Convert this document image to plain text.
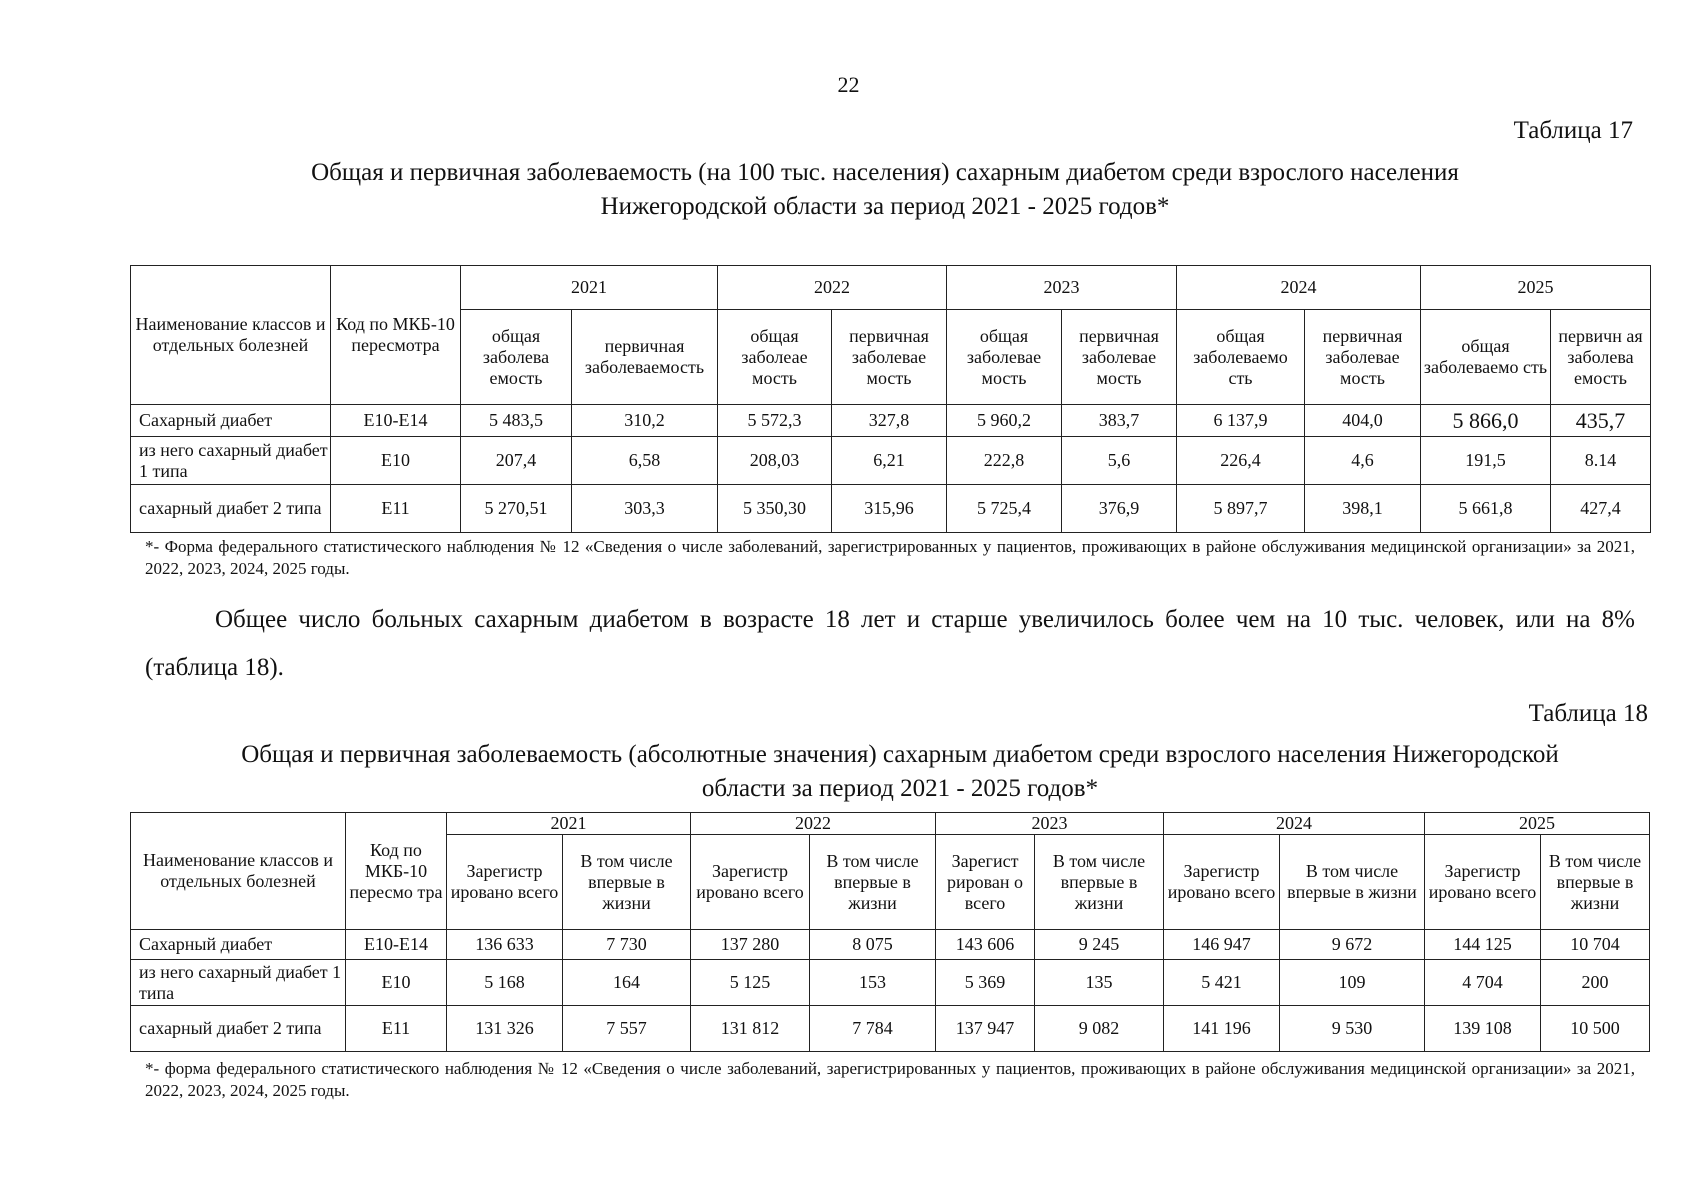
22
Таблица 17
Общая и первичная заболеваемость (на 100 тыс. населения) сахарным диабетом среди взрослого населения
Нижегородской области за период 2021 - 2025 годов*
Наименование классов и отдельных болезней	Код по МКБ-10 пересмотра	2021		2022		2023		2024		2025	
		общая заболева емость	первичная заболеваемость	общая заболеае мость	первичная заболевае мость	общая заболевае мость	первичная заболевае мость	общая заболеваемо сть	первичная заболевае мость	общая заболеваемо сть	первичн ая заболева емость
Сахарный диабет	E10-E14	5 483,5	310,2	5 572,3	327,8	5 960,2	383,7	6 137,9	404,0	5 866,0	435,7
из него сахарный диабет 1 типа	E10	207,4	6,58	208,03	6,21	222,8	5,6	226,4	4,6	191,5	8.14
сахарный диабет 2 типа	E11	5 270,51	303,3	5 350,30	315,96	5 725,4	376,9	5 897,7	398,1	5 661,8	427,4
*- Форма федерального статистического наблюдения № 12 «Сведения о числе заболеваний, зарегистрированных у пациентов, проживающих в районе обслуживания медицинской организации» за 2021, 2022, 2023, 2024, 2025 годы.
Общее число больных сахарным диабетом в возрасте 18 лет и старше увеличилось более чем на 10 тыс. человек, или на 8% (таблица 18).
Таблица 18
Общая и первичная заболеваемость (абсолютные значения) сахарным диабетом среди взрослого населения Нижегородской
области за период 2021 - 2025 годов*
Наименование классов и отдельных болезней	Код по МКБ-10 пересмо тра	2021		2022		2023		2024		2025	
		Зарегистр ировано всего	В том числе впервые в жизни	Зарегистр ировано всего	В том числе впервые в жизни	Зарегист рирован о всего	В том числе впервые в жизни	Зарегистр ировано всего	В том числе впервые в жизни	Зарегистр ировано всего	В том числе впервые в жизни
Сахарный диабет	E10-E14	136 633	7 730	137 280	8 075	143 606	9 245	146 947	9 672	144 125	10 704
из него сахарный диабет 1 типа	E10	5 168	164	5 125	153	5 369	135	5 421	109	4 704	200
сахарный диабет 2 типа	E11	131 326	7 557	131 812	7 784	137 947	9 082	141 196	9 530	139 108	10 500
*- форма федерального статистического наблюдения № 12 «Сведения о числе заболеваний, зарегистрированных у пациентов, проживающих в районе обслуживания медицинской организации» за 2021, 2022, 2023, 2024, 2025 годы.
